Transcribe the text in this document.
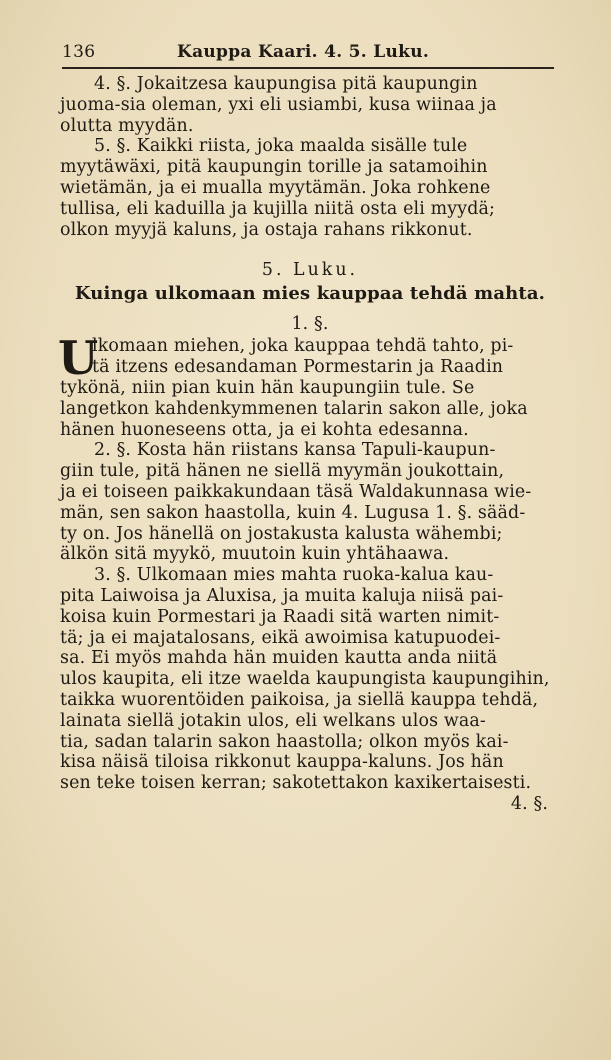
136	Kauppa Kaari. 4. 5. Luku.
4. §. Jokaitzesa kaupungisa pitä kaupungin
juoma-sia oleman, yxi eli usiambi, kusa wiinaa ja
olutta myydän.
5. §. Kaikki riista, joka maalda sisälle tule
myytäwäxi, pitä kaupungin torille ja satamoihin
wietämän, ja ei mualla myytämän. Joka rohkene
tullisa, eli kaduilla ja kujilla niitä osta eli myydä;
olkon myyjä kaluns, ja ostaja rahans rikkonut.
5. Luku.
Kuinga ulkomaan mies kauppaa tehdä mahta.
1. §.
U
lkomaan miehen, joka kauppaa tehdä tahto, pi-
tä itzens edesandaman Pormestarin ja Raadin
tykönä, niin pian kuin hän kaupungiin tule. Se
langetkon kahdenkymmenen talarin sakon alle, joka
hänen huoneseens otta, ja ei kohta edesanna.
2. §. Kosta hän riistans kansa Tapuli-kaupun-
giin tule, pitä hänen ne siellä myymän joukottain,
ja ei toiseen paikkakundaan täsä Waldakunnasa wie-
män, sen sakon haastolla, kuin 4. Lugusa 1. §. sääd-
ty on. Jos hänellä on jostakusta kalusta wähembi;
älkön sitä myykö, muutoin kuin yhtähaawa.
3. §. Ulkomaan mies mahta ruoka-kalua kau-
pita Laiwoisa ja Aluxisa, ja muita kaluja niisä pai-
koisa kuin Pormestari ja Raadi sitä warten nimit-
tä; ja ei majatalosans, eikä awoimisa katupuodei-
sa. Ei myös mahda hän muiden kautta anda niitä
ulos kaupita, eli itze waelda kaupungista kaupungihin,
taikka wuorentöiden paikoisa, ja siellä kauppa tehdä,
lainata siellä jotakin ulos, eli welkans ulos waa-
tia, sadan talarin sakon haastolla; olkon myös kai-
kisa näisä tiloisa rikkonut kauppa-kaluns. Jos hän
sen teke toisen kerran; sakotettakon kaxikertaisesti.
4. §.
